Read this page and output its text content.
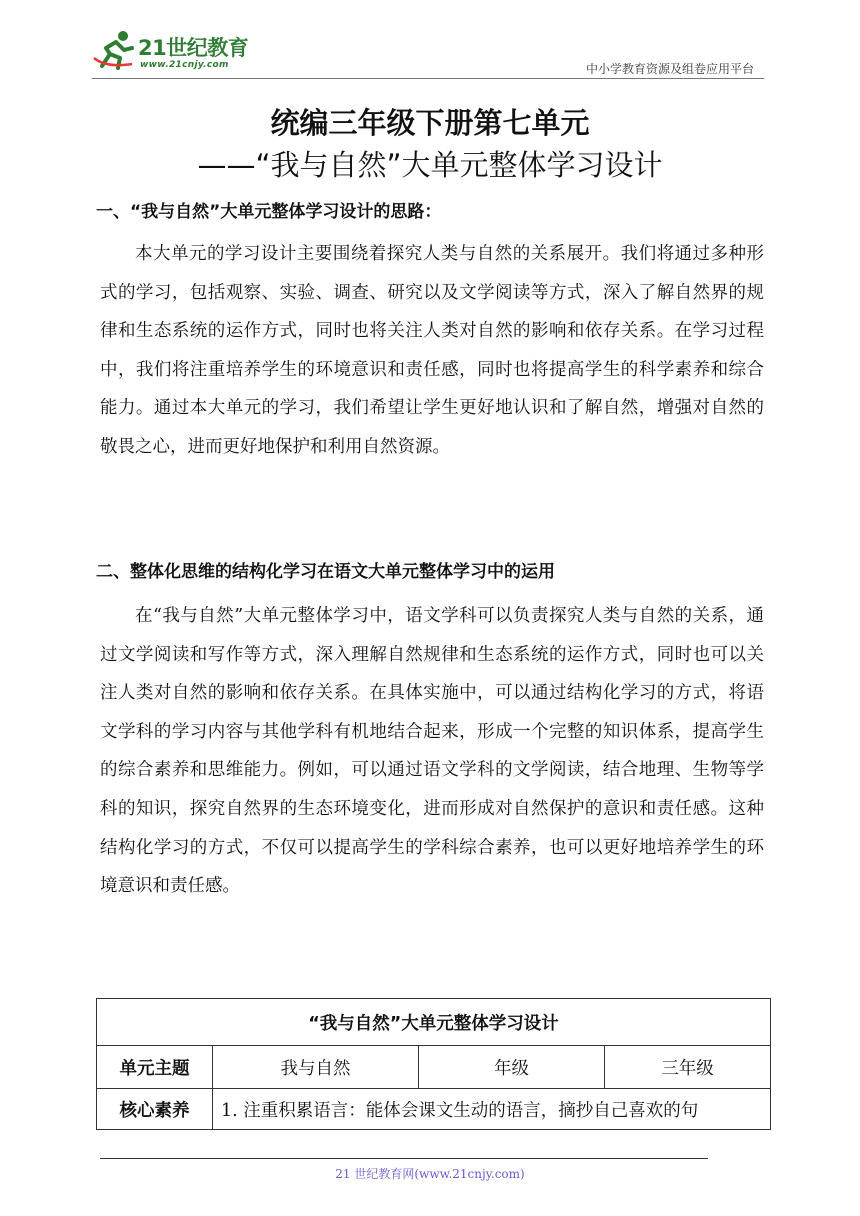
21世纪教育
www.21cnjy.com	中小学教育资源及组卷应用平台
统编三年级下册第七单元
——“我与自然”大单元整体学习设计
一、“我与自然”大单元整体学习设计的思路：

本大单元的学习设计主要围绕着探究人类与自然的关系展开。我们将通过多种形式的学习，包括观察、实验、调查、研究以及文学阅读等方式，深入了解自然界的规律和生态系统的运作方式，同时也将关注人类对自然的影响和依存关系。在学习过程中，我们将注重培养学生的环境意识和责任感，同时也将提高学生的科学素养和综合能力。通过本大单元的学习，我们希望让学生更好地认识和了解自然，增强对自然的敬畏之心，进而更好地保护和利用自然资源。

二、整体化思维的结构化学习在语文大单元整体学习中的运用

在“我与自然”大单元整体学习中，语文学科可以负责探究人类与自然的关系，通过文学阅读和写作等方式，深入理解自然规律和生态系统的运作方式，同时也可以关注人类对自然的影响和依存关系。在具体实施中，可以通过结构化学习的方式，将语文学科的学习内容与其他学科有机地结合起来，形成一个完整的知识体系，提高学生的综合素养和思维能力。例如，可以通过语文学科的文学阅读，结合地理、生物等学科的知识，探究自然界的生态环境变化，进而形成对自然保护的意识和责任感。这种结构化学习的方式，不仅可以提高学生的学科综合素养，也可以更好地培养学生的环境意识和责任感。

“我与自然”大单元整体学习设计			
单元主题	我与自然	年级	三年级
核心素养	1. 注重积累语言：能体会课文生动的语言，摘抄自己喜欢的句		
21 世纪教育网(www.21cnjy.com)
